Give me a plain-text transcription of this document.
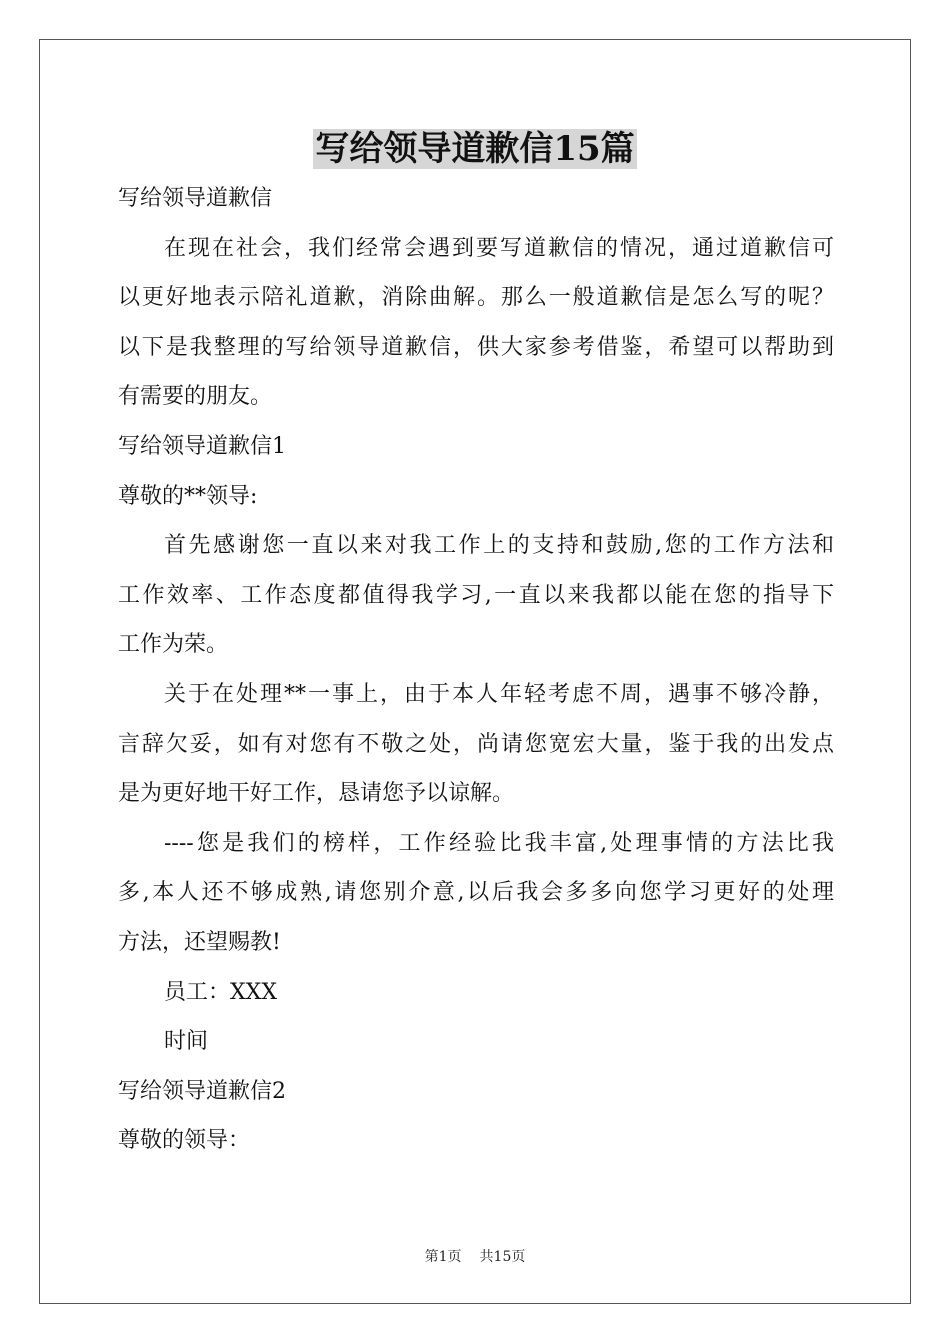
写给领导道歉信15篇
写给领导道歉信
在现在社会，我们经常会遇到要写道歉信的情况，通过道歉信可
以更好地表示陪礼道歉，消除曲解。那么一般道歉信是怎么写的呢？
以下是我整理的写给领导道歉信，供大家参考借鉴，希望可以帮助到
有需要的朋友。
写给领导道歉信1
尊敬的**领导:
首先感谢您一直以来对我工作上的支持和鼓励,您的工作方法和
工作效率、工作态度都值得我学习,一直以来我都以能在您的指导下
工作为荣。
关于在处理**一事上，由于本人年轻考虑不周，遇事不够冷静，
言辞欠妥，如有对您有不敬之处，尚请您宽宏大量，鉴于我的出发点
是为更好地干好工作，恳请您予以谅解。
----您是我们的榜样，工作经验比我丰富,处理事情的方法比我
多,本人还不够成熟,请您别介意,以后我会多多向您学习更好的处理
方法，还望赐教!
员工：XXX
时间
写给领导道歉信2
尊敬的领导：
第1页 共15页
